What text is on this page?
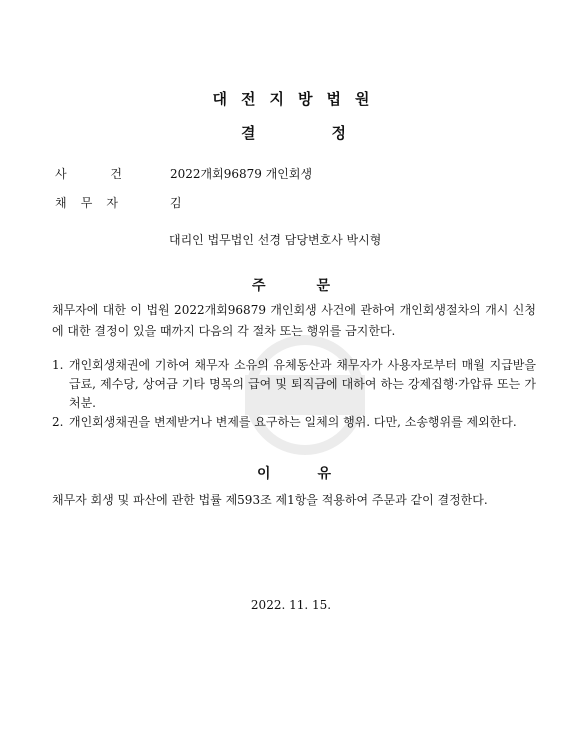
대전지방법원
결	정
사	건	2022개회96879 개인회생
채 무 자	김
대리인 법무법인 선경 담당변호사 박시형
주	문
채무자에 대한 이 법원 2022개회96879 개인회생 사건에 관하여 개인회생절차의 개시 신청에 대한 결정이 있을 때까지 다음의 각 절차 또는 행위를 금지한다.
1. 개인회생채권에 기하여 채무자 소유의 유체동산과 채무자가 사용자로부터 매월 지급받을 급료, 제수당, 상여금 기타 명목의 급여 및 퇴직금에 대하여 하는 강제집행·가압류 또는 가처분.
2. 개인회생채권을 변제받거나 변제를 요구하는 일체의 행위. 다만, 소송행위를 제외한다.
이	유
채무자 회생 및 파산에 관한 법률 제593조 제1항을 적용하여 주문과 같이 결정한다.
2022. 11. 15.
